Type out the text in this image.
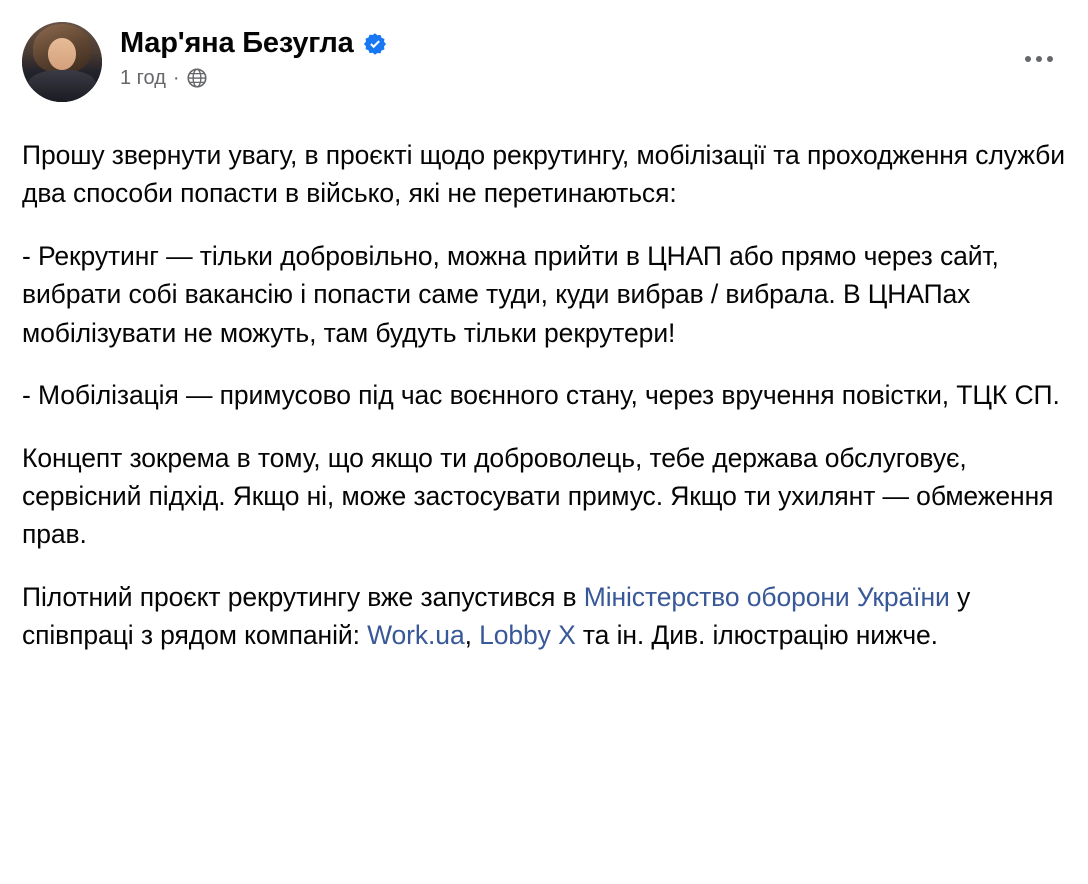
Мар'яна Безугла
1 год ·

Прошу звернути увагу, в проєкті щодо рекрутингу, мобілізації та проходження служби два способи попасти в військо, які не перетинаються:

- Рекрутинг — тільки добровільно, можна прийти в ЦНАП або прямо через сайт, вибрати собі вакансію і попасти саме туди, куди вибрав / вибрала. В ЦНАПах мобілізувати не можуть, там будуть тільки рекрутери!

- Мобілізація — примусово під час воєнного стану, через вручення повістки, ТЦК СП.

Концепт зокрема в тому, що якщо ти доброволець, тебе держава обслуговує, сервісний підхід. Якщо ні, може застосувати примус. Якщо ти ухилянт — обмеження прав.

Пілотний проєкт рекрутингу вже запустився в Міністерство оборони України у співпраці з рядом компаній: Work.ua, Lobby X та ін. Див. ілюстрацію нижче.
